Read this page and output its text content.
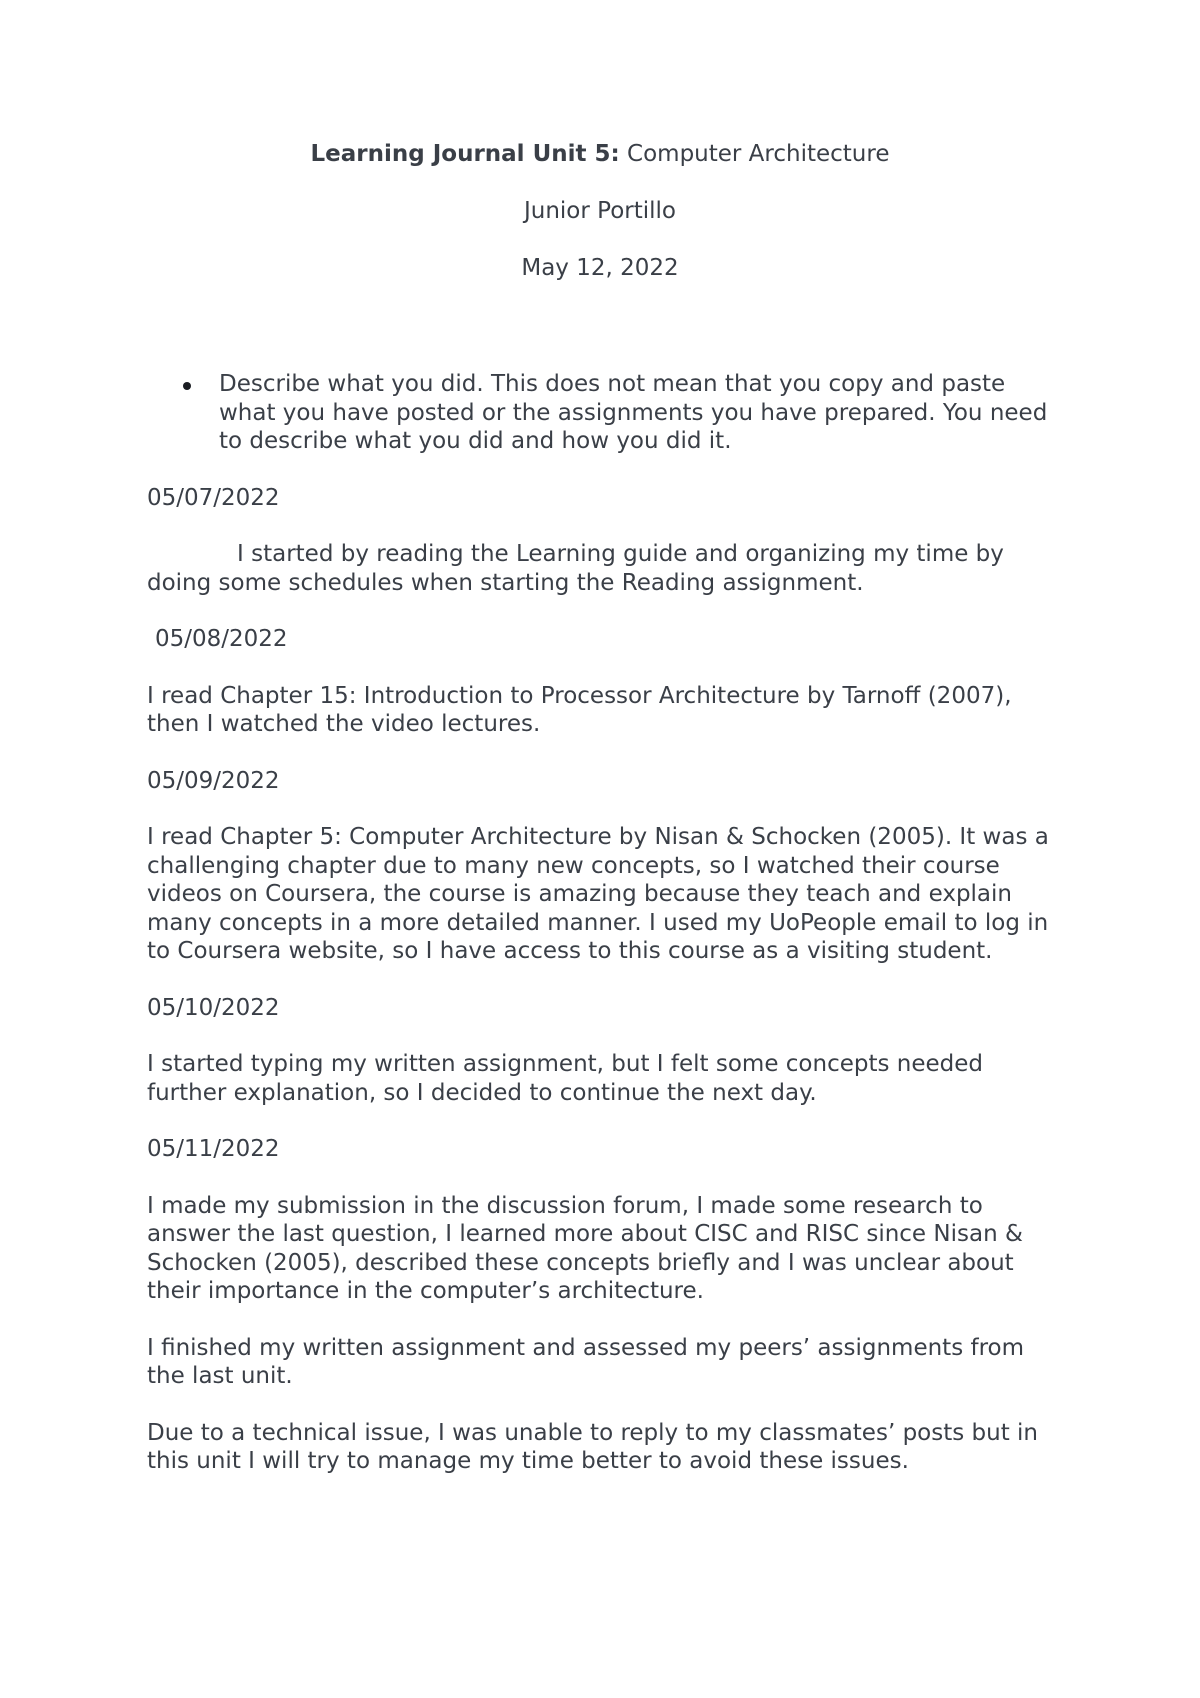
Learning Journal Unit 5: Computer Architecture

Junior Portillo

May 12, 2022

Describe what you did. This does not mean that you copy and paste what you have posted or the assignments you have prepared. You need to describe what you did and how you did it.

05/07/2022

I started by reading the Learning guide and organizing my time by doing some schedules when starting the Reading assignment.

05/08/2022

I read Chapter 15: Introduction to Processor Architecture by Tarnoff (2007), then I watched the video lectures.

05/09/2022

I read Chapter 5: Computer Architecture by Nisan & Schocken (2005). It was a challenging chapter due to many new concepts, so I watched their course videos on Coursera, the course is amazing because they teach and explain many concepts in a more detailed manner. I used my UoPeople email to log in to Coursera website, so I have access to this course as a visiting student.

05/10/2022

I started typing my written assignment, but I felt some concepts needed further explanation, so I decided to continue the next day.

05/11/2022

I made my submission in the discussion forum, I made some research to answer the last question, I learned more about CISC and RISC since Nisan & Schocken (2005), described these concepts briefly and I was unclear about their importance in the computer’s architecture.

I finished my written assignment and assessed my peers’ assignments from the last unit.

Due to a technical issue, I was unable to reply to my classmates’ posts but in this unit I will try to manage my time better to avoid these issues.
